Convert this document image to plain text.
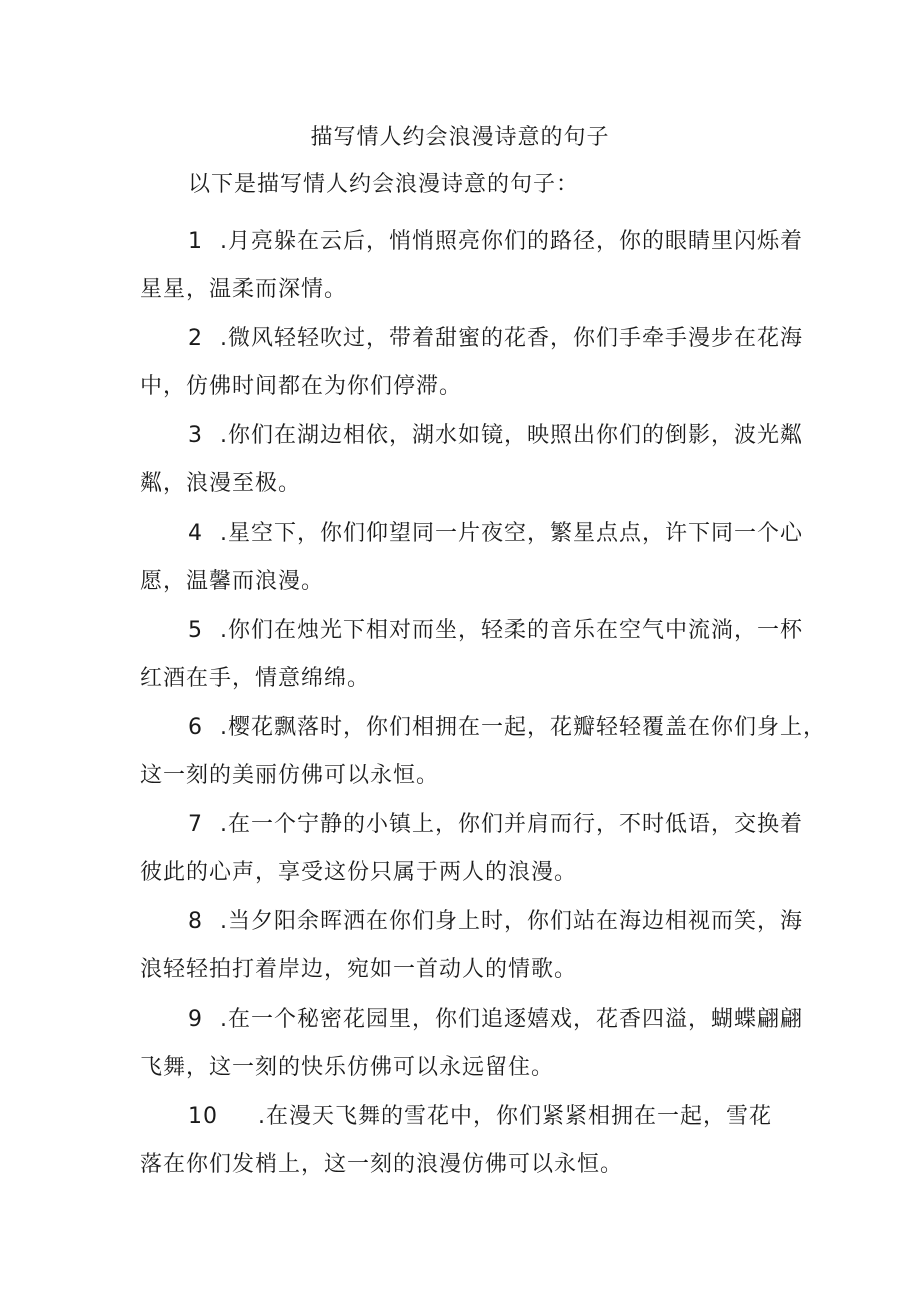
描写情人约会浪漫诗意的句子
以下是描写情人约会浪漫诗意的句子：
1 .月亮躲在云后，悄悄照亮你们的路径，你的眼睛里闪烁着
星星，温柔而深情。
2 .微风轻轻吹过，带着甜蜜的花香，你们手牵手漫步在花海
中，仿佛时间都在为你们停滞。
3 .你们在湖边相依，湖水如镜，映照出你们的倒影，波光粼
粼，浪漫至极。
4 .星空下，你们仰望同一片夜空，繁星点点，许下同一个心
愿，温馨而浪漫。
5 .你们在烛光下相对而坐，轻柔的音乐在空气中流淌，一杯
红酒在手，情意绵绵。
6 .樱花飘落时，你们相拥在一起，花瓣轻轻覆盖在你们身上，
这一刻的美丽仿佛可以永恒。
7 .在一个宁静的小镇上，你们并肩而行，不时低语，交换着
彼此的心声，享受这份只属于两人的浪漫。
8 .当夕阳余晖洒在你们身上时，你们站在海边相视而笑，海
浪轻轻拍打着岸边，宛如一首动人的情歌。
9 .在一个秘密花园里，你们追逐嬉戏，花香四溢，蝴蝶翩翩
飞舞，这一刻的快乐仿佛可以永远留住。
10 .在漫天飞舞的雪花中，你们紧紧相拥在一起，雪花
落在你们发梢上，这一刻的浪漫仿佛可以永恒。
